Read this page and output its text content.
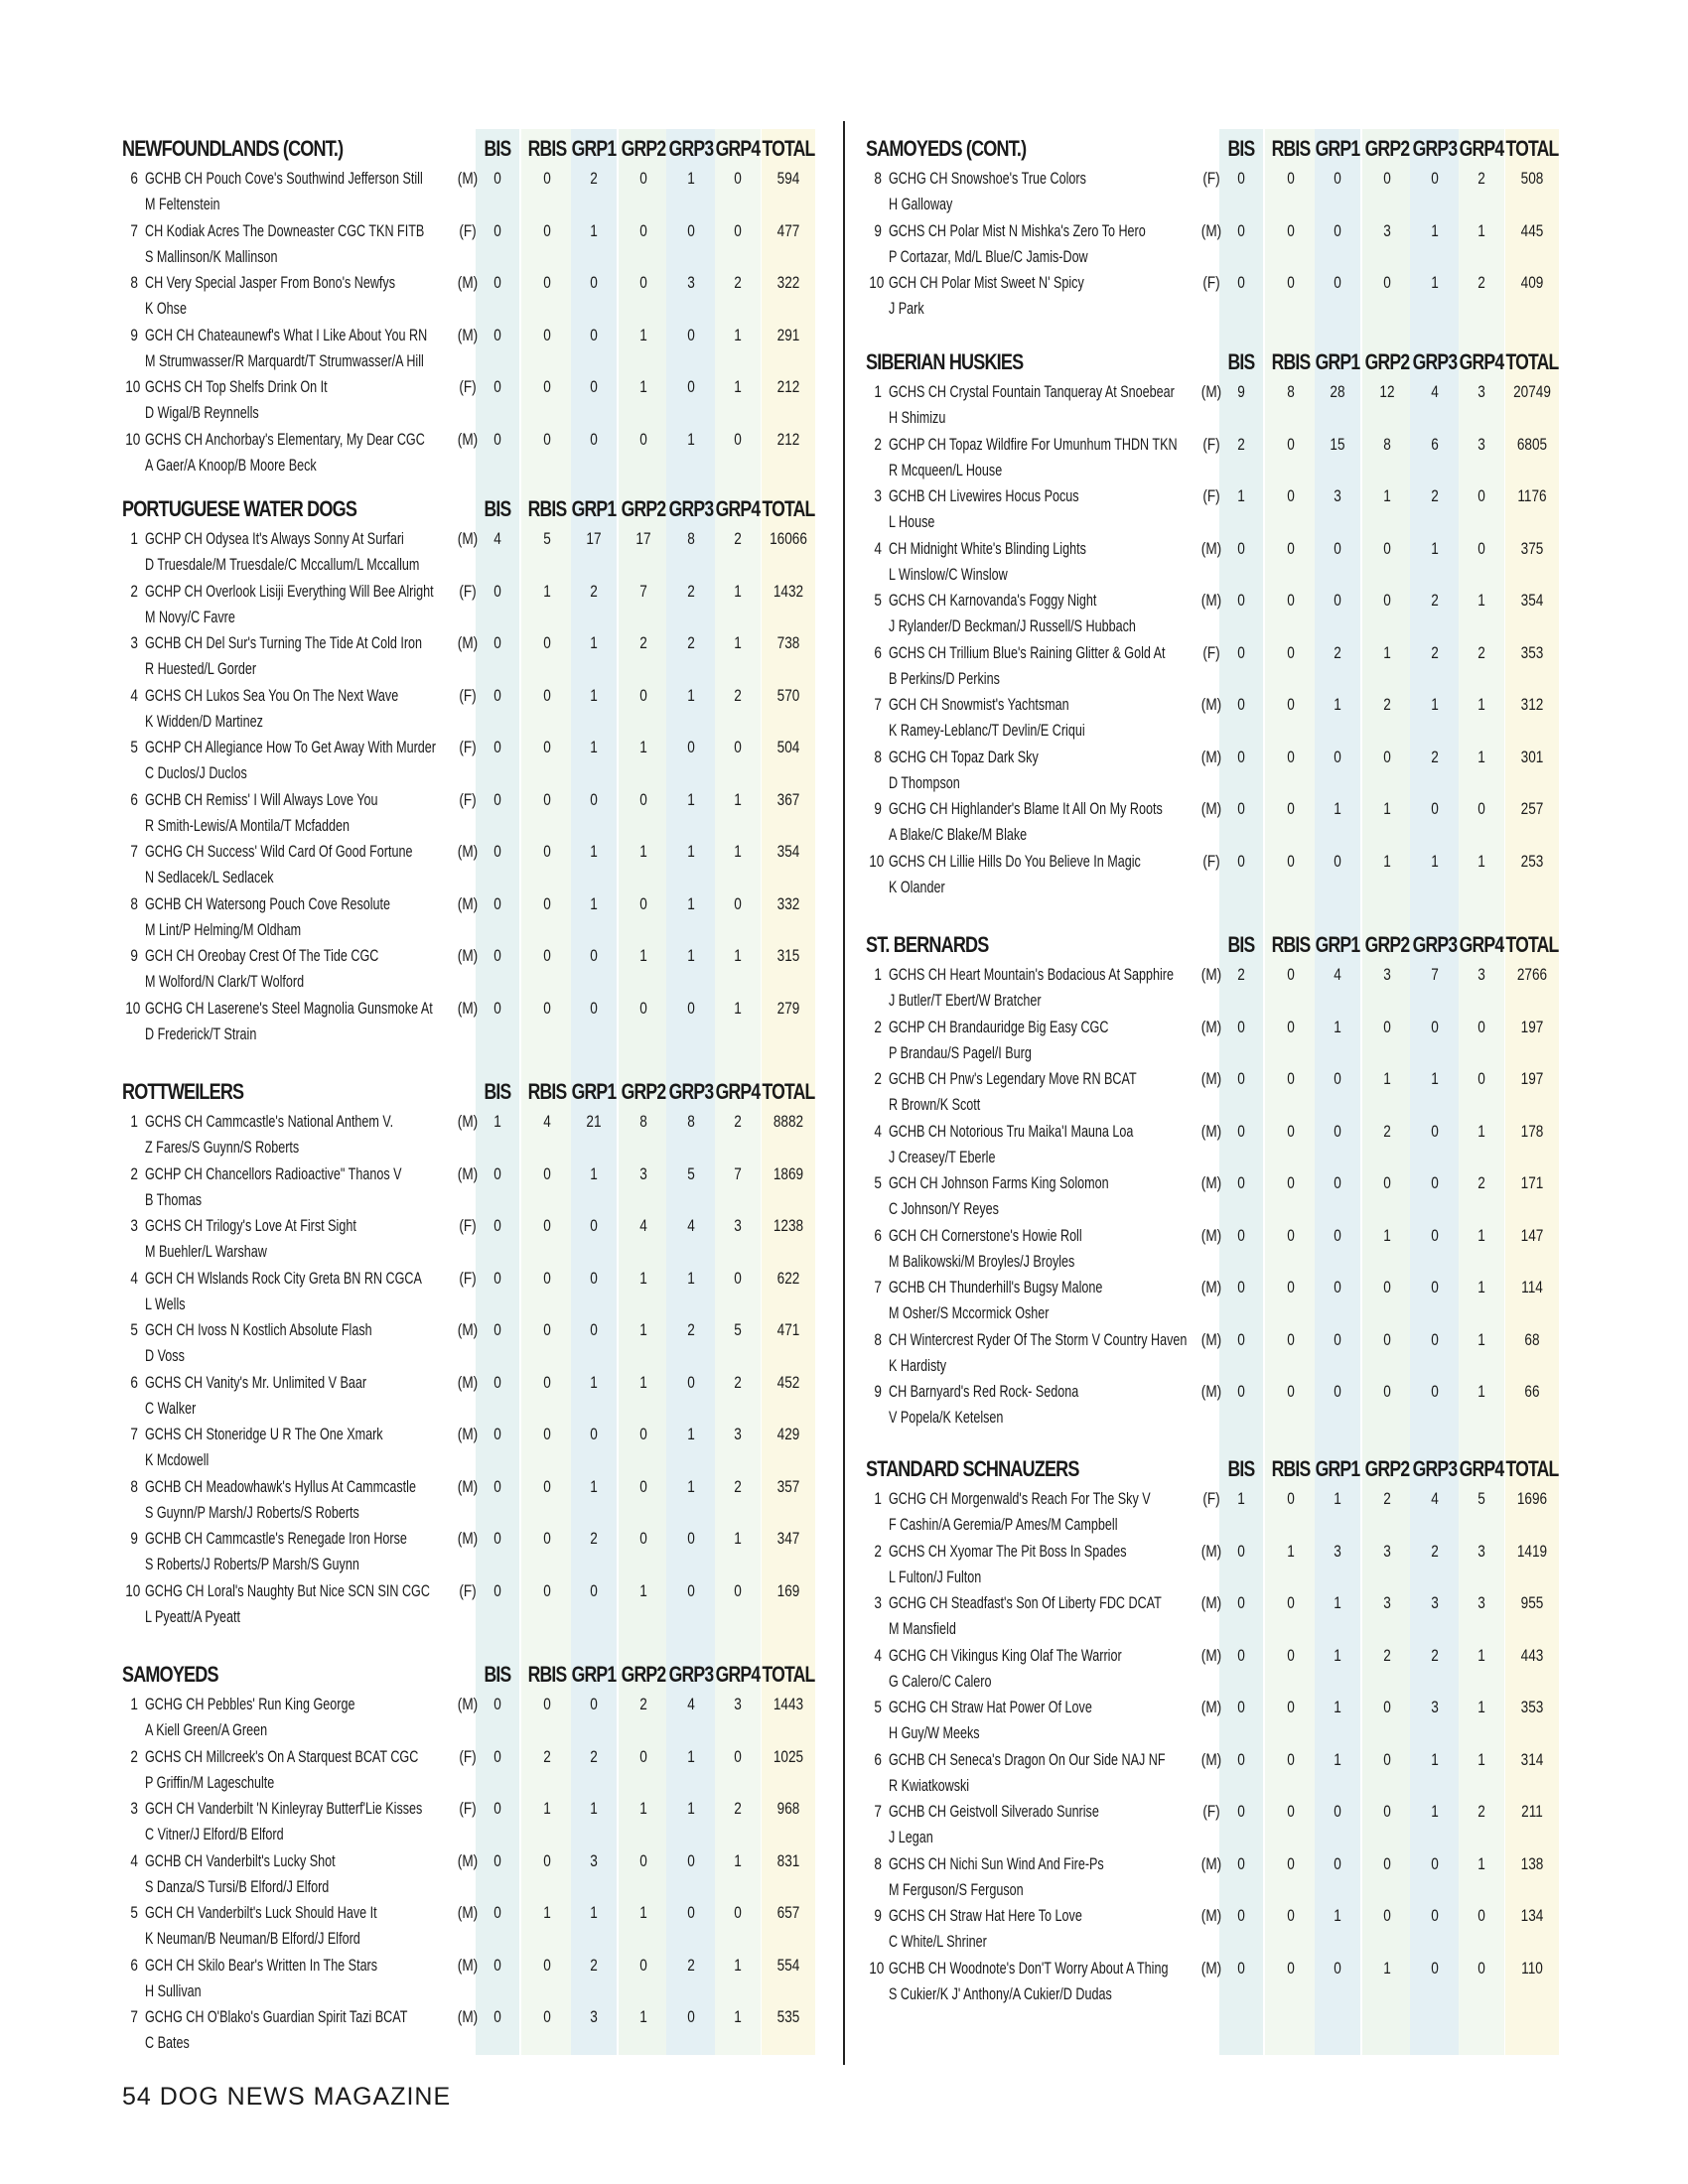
NEWFOUNDLANDS (CONT.)	BIS RBIS GRP1 GRP2 GRP3 GRP4 TOTAL
6 GCHB CH Pouch Cove's Southwind Jefferson Still
M Feltenstein
(M) 0	0	2	0	1	0	594
7 CH Kodiak Acres The Downeaster CGC TKN FITB
S Mallinson/K Mallinson
(F)	0	0	1	0	0	0	477
8 CH Very Special Jasper From Bono's Newfys
K Ohse
(M) 0	0	0	0	3	2	322
9 GCH CH Chateaunewf's What I Like About You RN
M Strumwasser/R Marquardt/T Strumwasser/A Hill
(M) 0	0	0	1	0	1	291
10 GCHS CH Top Shelfs Drink On It
D Wigal/B Reynnells
(F)	0	0	0	1	0	1	212
10 GCHS CH Anchorbay's Elementary, My Dear CGC
A Gaer/A Knoop/B Moore Beck
(M) 0	0	0	0	1	0	212
PORTUGUESE WATER DOGS	BIS RBIS GRP1 GRP2 GRP3 GRP4 TOTAL
1 GCHP CH Odysea It's Always Sonny At Surfari
D Truesdale/M Truesdale/C Mccallum/L Mccallum
(M) 4	5	17	17	8	2	16066
2 GCHP CH Overlook Lisiji Everything Will Bee Alright
M Novy/C Favre
(F)	0	1	2	7	2	1	1432
3 GCHB CH Del Sur's Turning The Tide At Cold Iron
R Huested/L Gorder
(M) 0	0	1	2	2	1	738
4 GCHS CH Lukos Sea You On The Next Wave
K Widden/D Martinez
(F)	0	0	1	0	1	2	570
5 GCHP CH Allegiance How To Get Away With Murder
C Duclos/J Duclos
(F)	0	0	1	1	0	0	504
6 GCHB CH Remiss' I Will Always Love You
R Smith-Lewis/A Montila/T Mcfadden
(F)	0	0	0	0	1	1	367
7 GCHG CH Success' Wild Card Of Good Fortune
N Sedlacek/L Sedlacek
(M) 0	0	1	1	1	1	354
8 GCHB CH Watersong Pouch Cove Resolute
M Lint/P Helming/M Oldham
(M) 0	0	1	0	1	0	332
9 GCH CH Oreobay Crest Of The Tide CGC
M Wolford/N Clark/T Wolford
(M) 0	0	0	1	1	1	315
10 GCHG CH Laserene's Steel Magnolia Gunsmoke At
D Frederick/T Strain
(M) 0	0	0	0	0	1	279
ROTTWEILERS	BIS RBIS GRP1 GRP2 GRP3 GRP4 TOTAL
1 GCHS CH Cammcastle's National Anthem V.
Z Fares/S Guynn/S Roberts
(M) 1	4	21	8	8	2	8882
2 GCHP CH Chancellors Radioactive" Thanos V
B Thomas
(M) 0	0	1	3	5	7	1869
3 GCHS CH Trilogy's Love At First Sight
M Buehler/L Warshaw
(F)	0	0	0	4	4	3	1238
4 GCH CH Wlslands Rock City Greta BN RN CGCA
L Wells
(F)	0	0	0	1	1	0	622
5 GCH CH Ivoss N Kostlich Absolute Flash
D Voss
(M) 0	0	0	1	2	5	471
6 GCHS CH Vanity's Mr. Unlimited V Baar
C Walker
(M) 0	0	1	1	0	2	452
7 GCHS CH Stoneridge U R The One Xmark
K Mcdowell
(M) 0	0	0	0	1	3	429
8 GCHB CH Meadowhawk's Hyllus At Cammcastle
S Guynn/P Marsh/J Roberts/S Roberts
(M) 0	0	1	0	1	2	357
9 GCHB CH Cammcastle's Renegade Iron Horse
S Roberts/J Roberts/P Marsh/S Guynn
(M) 0	0	2	0	0	1	347
10 GCHG CH Loral's Naughty But Nice SCN SIN CGC
L Pyeatt/A Pyeatt
(F)	0	0	0	1	0	0	169
SAMOYEDS	BIS RBIS GRP1 GRP2 GRP3 GRP4 TOTAL
1 GCHG CH Pebbles' Run King George
A Kiell Green/A Green
(M) 0	0	0	2	4	3	1443
2 GCHS CH Millcreek's On A Starquest BCAT CGC
P Griffin/M Lageschulte
(F)	0	2	2	0	1	0	1025
3 GCH CH Vanderbilt 'N Kinleyray Butterf'Lie Kisses
C Vitner/J Elford/B Elford
(F)	0	1	1	1	1	2	968
4 GCHB CH Vanderbilt's Lucky Shot
S Danza/S Tursi/B Elford/J Elford
(M) 0	0	3	0	0	1	831
5 GCH CH Vanderbilt's Luck Should Have It
K Neuman/B Neuman/B Elford/J Elford
(M) 0	1	1	1	0	0	657
6 GCH CH Skilo Bear's Written In The Stars
H Sullivan
(M) 0	0	2	0	2	1	554
7 GCHG CH O'Blako's Guardian Spirit Tazi BCAT
C Bates
(M) 0	0	3	1	0	1	535
SAMOYEDS (CONT.)	BIS RBIS GRP1 GRP2 GRP3 GRP4 TOTAL
8 GCHG CH Snowshoe's True Colors
H Galloway
(F)	0	0	0	0	0	2	508
9 GCHS CH Polar Mist N Mishka's Zero To Hero
P Cortazar, Md/L Blue/C Jamis-Dow
(M) 0	0	0	3	1	1	445
10 GCH CH Polar Mist Sweet N' Spicy
J Park
(F)	0	0	0	0	1	2	409
SIBERIAN HUSKIES	BIS RBIS GRP1 GRP2 GRP3 GRP4 TOTAL
1 GCHS CH Crystal Fountain Tanqueray At Snoebear
H Shimizu
(M) 9	8	28	12	4	3	20749
2 GCHP CH Topaz Wildfire For Umunhum THDN TKN
R Mcqueen/L House
(F)	2	0	15	8	6	3	6805
3 GCHB CH Livewires Hocus Pocus
L House
(F)	1	0	3	1	2	0	1176
4 CH Midnight White's Blinding Lights
L Winslow/C Winslow
(M) 0	0	0	0	1	0	375
5 GCHS CH Karnovanda's Foggy Night
J Rylander/D Beckman/J Russell/S Hubbach
(M) 0	0	0	0	2	1	354
6 GCHS CH Trillium Blue's Raining Glitter & Gold At
B Perkins/D Perkins
(F)	0	0	2	1	2	2	353
7 GCH CH Snowmist's Yachtsman
K Ramey-Leblanc/T Devlin/E Criqui
(M) 0	0	1	2	1	1	312
8 GCHG CH Topaz Dark Sky
D Thompson
(M) 0	0	0	0	2	1	301
9 GCHG CH Highlander's Blame It All On My Roots
A Blake/C Blake/M Blake
(M) 0	0	1	1	0	0	257
10 GCHS CH Lillie Hills Do You Believe In Magic
K Olander
(F)	0	0	0	1	1	1	253
ST. BERNARDS	BIS RBIS GRP1 GRP2 GRP3 GRP4 TOTAL
1 GCHS CH Heart Mountain's Bodacious At Sapphire
J Butler/T Ebert/W Bratcher
(M) 2	0	4	3	7	3	2766
2 GCHP CH Brandauridge Big Easy CGC
P Brandau/S Pagel/I Burg
(M) 0	0	1	0	0	0	197
2 GCHB CH Pnw's Legendary Move RN BCAT
R Brown/K Scott
(M) 0	0	0	1	1	0	197
4 GCHB CH Notorious Tru Maika'I Mauna Loa
J Creasey/T Eberle
(M) 0	0	0	2	0	1	178
5 GCH CH Johnson Farms King Solomon
C Johnson/Y Reyes
(M) 0	0	0	0	0	2	171
6 GCH CH Cornerstone's Howie Roll
M Balikowski/M Broyles/J Broyles
(M) 0	0	0	1	0	1	147
7 GCHB CH Thunderhill's Bugsy Malone
M Osher/S Mccormick Osher
(M) 0	0	0	0	0	1	114
8 CH Wintercrest Ryder Of The Storm V Country Haven
K Hardisty
(M) 0	0	0	0	0	1	68
9 CH Barnyard's Red Rock- Sedona
V Popela/K Ketelsen
(M) 0	0	0	0	0	1	66
STANDARD SCHNAUZERS	BIS RBIS GRP1 GRP2 GRP3 GRP4 TOTAL
1 GCHG CH Morgenwald's Reach For The Sky V
F Cashin/A Geremia/P Ames/M Campbell
(F)	1	0	1	2	4	5	1696
2 GCHS CH Xyomar The Pit Boss In Spades
L Fulton/J Fulton
(M) 0	1	3	3	2	3	1419
3 GCHG CH Steadfast's Son Of Liberty FDC DCAT
M Mansfield
(M) 0	0	1	3	3	3	955
4 GCHG CH Vikingus King Olaf The Warrior
G Calero/C Calero
(M) 0	0	1	2	2	1	443
5 GCHG CH Straw Hat Power Of Love
H Guy/W Meeks
(M) 0	0	1	0	3	1	353
6 GCHB CH Seneca's Dragon On Our Side NAJ NF
R Kwiatkowski
(M) 0	0	1	0	1	1	314
7 GCHB CH Geistvoll Silverado Sunrise
J Legan
(F)	0	0	0	0	1	2	211
8 GCHS CH Nichi Sun Wind And Fire-Ps
M Ferguson/S Ferguson
(M) 0	0	0	0	0	1	138
9 GCHS CH Straw Hat Here To Love
C White/L Shriner
(M) 0	0	1	0	0	0	134
10 GCHB CH Woodnote's Don'T Worry About A Thing
S Cukier/K J' Anthony/A Cukier/D Dudas
(M) 0	0	0	1	0	0	110
54 DOG NEWS MAGAZINE
